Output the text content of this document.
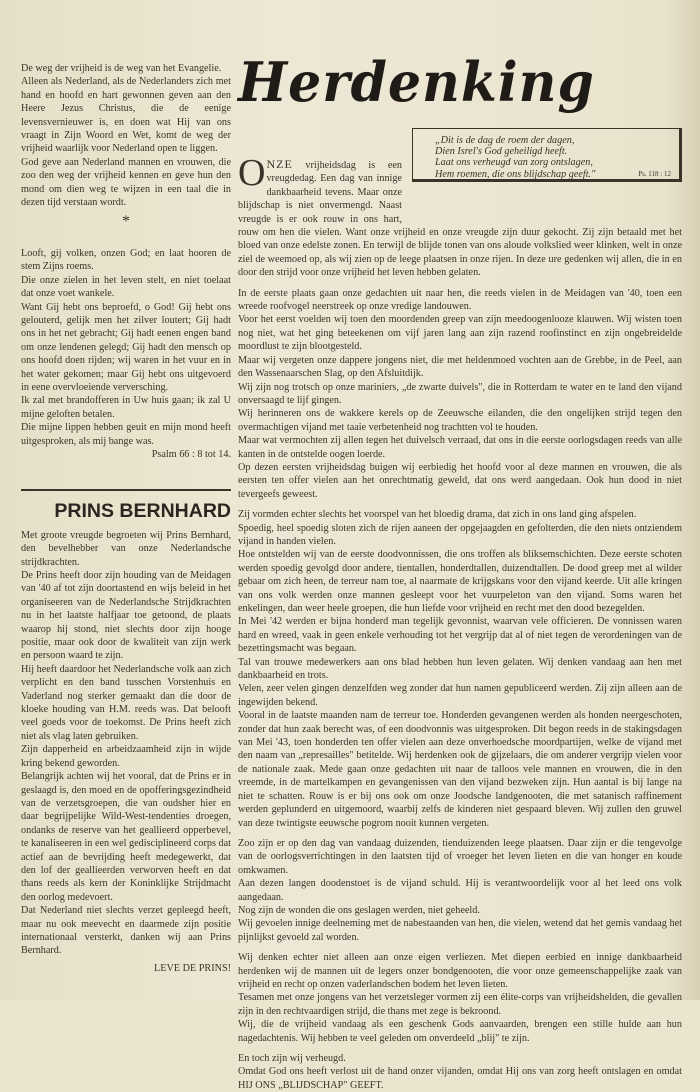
De weg der vrijheid is de weg van het Evangelie.

Alleen als Nederland, als de Nederlanders zich met hand en hoofd en hart gewonnen geven aan den Heere Jezus Christus, die de eenige levensvernieuwer is, en doen wat Hij van ons vraagt in Zijn Woord en Wet, komt de weg der vrijheid waarlijk voor Nederland open te liggen.

God geve aan Nederland mannen en vrouwen, die zoo den weg der vrijheid kennen en geve hun den mond om dien weg te wijzen in een taal die in dezen tijd verstaan wordt.

*

Looft, gij volken, onzen God; en laat hooren de stem Zijns roems.

Die onze zielen in het leven stelt, en niet toelaat dat onze voet wankele.

Want Gij hebt ons beproefd, o God! Gij hebt ons gelouterd, gelijk men het zilver loutert; Gij hadt ons in het net gebracht; Gij hadt eenen engen band om onze lendenen gelegd; Gij hadt den mensch op ons hoofd doen rijden; wij waren in het vuur en in het water gekomen; maar Gij hebt ons uitgevoerd in eene overvloeiende verversching.

Ik zal met brandofferen in Uw huis gaan; ik zal U mijne geloften betalen.

Die mijne lippen hebben geuit en mijn mond heeft uitgesproken, als mij bange was.

Psalm 66 : 8 tot 14.

PRINS BERNHARD

Met groote vreugde begroeten wij Prins Bernhard, den bevelhebber van onze Nederlandsche strijdkrachten.

De Prins heeft door zijn houding van de Meidagen van '40 af tot zijn doortastend en wijs beleid in het organiseeren van de Nederlandsche Strijdkrachten nu in het laatste halfjaar toe getoond, de plaats waarop hij stond, niet slechts door zijn hooge positie, maar ook door de kwaliteit van zijn werk en persoon waard te zijn.

Hij heeft daardoor het Nederlandsche volk aan zich verplicht en den band tusschen Vorstenhuis en Vaderland nog sterker gemaakt dan die door de kloeke houding van H.M. reeds was. Dat belooft veel goeds voor de toekomst. De Prins heeft zich niet als vlag laten gebruiken.

Zijn dapperheid en arbeidzaamheid zijn in wijde kring bekend geworden.

Belangrijk achten wij het vooral, dat de Prins er in geslaagd is, den moed en de opofferingsgezindheid van de verzetsgroepen, die van oudsher hier en daar begrijpelijke Wild-West-tendenties droegen, ondanks de reserve van het geallieerd opperbevel, te kanaliseeren in een wel gedisciplineerd corps dat actief aan de bevrijding heeft medegewerkt, dat den lof der geallieerden verworven heeft en dat thans reeds als kern der Koninklijke Strijdmacht den oorlog medevoert.

Dat Nederland niet slechts verzet gepleegd heeft, maar nu ook meevecht en daarmede zijn positie internationaal versterkt, danken wij aan Prins Bernhard.

LEVE DE PRINS!

Herdenking
„Dit is de dag de roem der dagen,
Dien Isrel's God geheiligd heeft.
Laat ons verheugd van zorg ontslagen,
Hem roemen, die ons blijdschap geeft."	Ps. 118 : 12

ONZE vrijheidsdag is een vreugdedag. Een dag van innige dankbaarheid tevens. Maar onze blijdschap is niet onvermengd. Naast vreugde is er ook rouw in ons hart, rouw om hen die vielen. Want onze vrijheid en onze vreugde zijn duur gekocht. Zij zijn betaald met het bloed van onze edelste zonen. En terwijl de blijde tonen van ons aloude volkslied weer klinken, welt in onze ziel de weemoed op, als wij zien op de leege plaatsen in onze rijen. In deze ure gedenken wij allen, die in en door den strijd voor onze vrijheid het leven hebben gelaten.

In de eerste plaats gaan onze gedachten uit naar hen, die reeds vielen in de Meidagen van '40, toen een wreede roofvogel neerstreek op onze vredige landouwen.

Voor het eerst voelden wij toen den moordenden greep van zijn meedoogenlooze klauwen. Wij wisten toen nog niet, wat het ging beteekenen om vijf jaren lang aan zijn razend roofinstinct en zijn ongebreidelde moordlust te zijn blootgesteld.

Maar wij vergeten onze dappere jongens niet, die met heldenmoed vochten aan de Grebbe, in de Peel, aan den Wassenaarschen Slag, op den Afsluitdijk.

Wij zijn nog trotsch op onze mariniers, „de zwarte duivels", die in Rotterdam te water en te land den vijand onversaagd te lijf gingen.

Wij herinneren ons de wakkere kerels op de Zeeuwsche eilanden, die den ongelijken strijd tegen den overmachtigen vijand met taaie verbetenheid nog trachtten vol te houden.

Maar wat vermochten zij allen tegen het duivelsch verraad, dat ons in die eerste oorlogsdagen reeds van alle kanten in de ontstelde oogen loerde.

Op dezen eersten vrijheidsdag buigen wij eerbiedig het hoofd voor al deze mannen en vrouwen, die als eersten ten offer vielen aan het onrechtmatig geweld, dat ons werd aangedaan. Ook hun dood in niet tevergeefs geweest.

Zij vormden echter slechts het voorspel van het bloedig drama, dat zich in ons land ging afspelen.

Spoedig, heel spoedig sloten zich de rijen aaneen der opgejaagden en gefolterden, die den niets ontziendem vijand in handen vielen.

Hoe ontstelden wij van de eerste doodvonnissen, die ons troffen als bliksemschichten. Deze eerste schoten werden spoedig gevolgd door andere, tientallen, honderdtallen, duizendtallen. De dood greep met al wilder gebaar om zich heen, de terreur nam toe, al naarmate de krijgskans voor den vijand keerde. Uit alle kringen van ons volk werden onze mannen gesleept voor het vuurpeleton van den vijand. Soms waren het enkelingen, dan weer heele groepen, die hun liefde voor vrijheid en recht met den dood bezegelden.

In Mei '42 werden er bijna honderd man tegelijk gevonnist, waarvan vele officieren. De vonnissen waren hard en wreed, vaak in geen enkele verhouding tot het vergrijp dat al of niet tegen de verordeningen van de bezettingsmacht was begaan.

Tal van trouwe medewerkers aan ons blad hebben hun leven gelaten. Wij denken vandaag aan hen met dankbaarheid en trots.

Velen, zeer velen gingen denzelfden weg zonder dat hun namen gepubliceerd werden. Zij zijn alleen aan de ingewijden bekend.

Vooral in de laatste maanden nam de terreur toe. Honderden gevangenen werden als honden neergeschoten, zonder dat hun zaak berecht was, of een doodvonnis was uitgesproken. Dit begon reeds in de stakingsdagen van Mei '43, toen honderden ten offer vielen aan deze onverhoedsche moordpartijen, welke de vijand met den naam van „represailles" betitelde. Wij herdenken ook de gijzelaars, die om anderer vergrijp vielen voor de nationale zaak. Mede gaan onze gedachten uit naar de talloos vele mannen en vrouwen, die in den vreemde, in de martelkampen en gevangenissen van den vijand bezweken zijn. Hun aantal is bij lange na niet te schatten. Rouw is er bij ons ook om onze Joodsche landgenooten, die met satanisch raffinement werden geplunderd en uitgemoord, waarbij zelfs de kinderen niet gespaard bleven. Wij zullen den gruwel van deze twintigste eeuwsche pogrom nooit kunnen vergeten.

Zoo zijn er op den dag van vandaag duizenden, tienduizenden leege plaatsen. Daar zijn er die tengevolge van de oorlogsverrichtingen in den laatsten tijd of vroeger het leven lieten en die van honger en koude omkwamen.

Aan dezen langen doodenstoet is de vijand schuld. Hij is verantwoordelijk voor al het leed ons volk aangedaan.

Nog zijn de wonden die ons geslagen werden, niet geheeld.

Wij gevoelen innige deelneming met de nabestaanden van hen, die vielen, wetend dat het gemis vandaag het pijnlijkst gevoeld zal worden.

Wij denken echter niet alleen aan onze eigen verliezen. Met diepen eerbied en innige dankbaarheid herdenken wij de mannen uit de legers onzer bondgenooten, die voor onze gemeenschappelijke zaak van vrijheid en recht op onzen vaderlandschen bodem het leven lieten.

Tesamen met onze jongens van het verzetsleger vormen zij een élite-corps van vrijheidshelden, die gevallen zijn in den rechtvaardigen strijd, die thans met zege is bekroond.

Wij, die de vrijheid vandaag als een geschenk Gods aanvaarden, brengen een stille hulde aan hun nagedachtenis. Wij hebben te veel geleden om onverdeeld „blij" te zijn.

En toch zijn wij verheugd.

Omdat God ons heeft verlost uit de hand onzer vijanden, omdat Hij ons van zorg heeft ontslagen en omdat HIJ ONS „BLIJDSCHAP" GEEFT.
